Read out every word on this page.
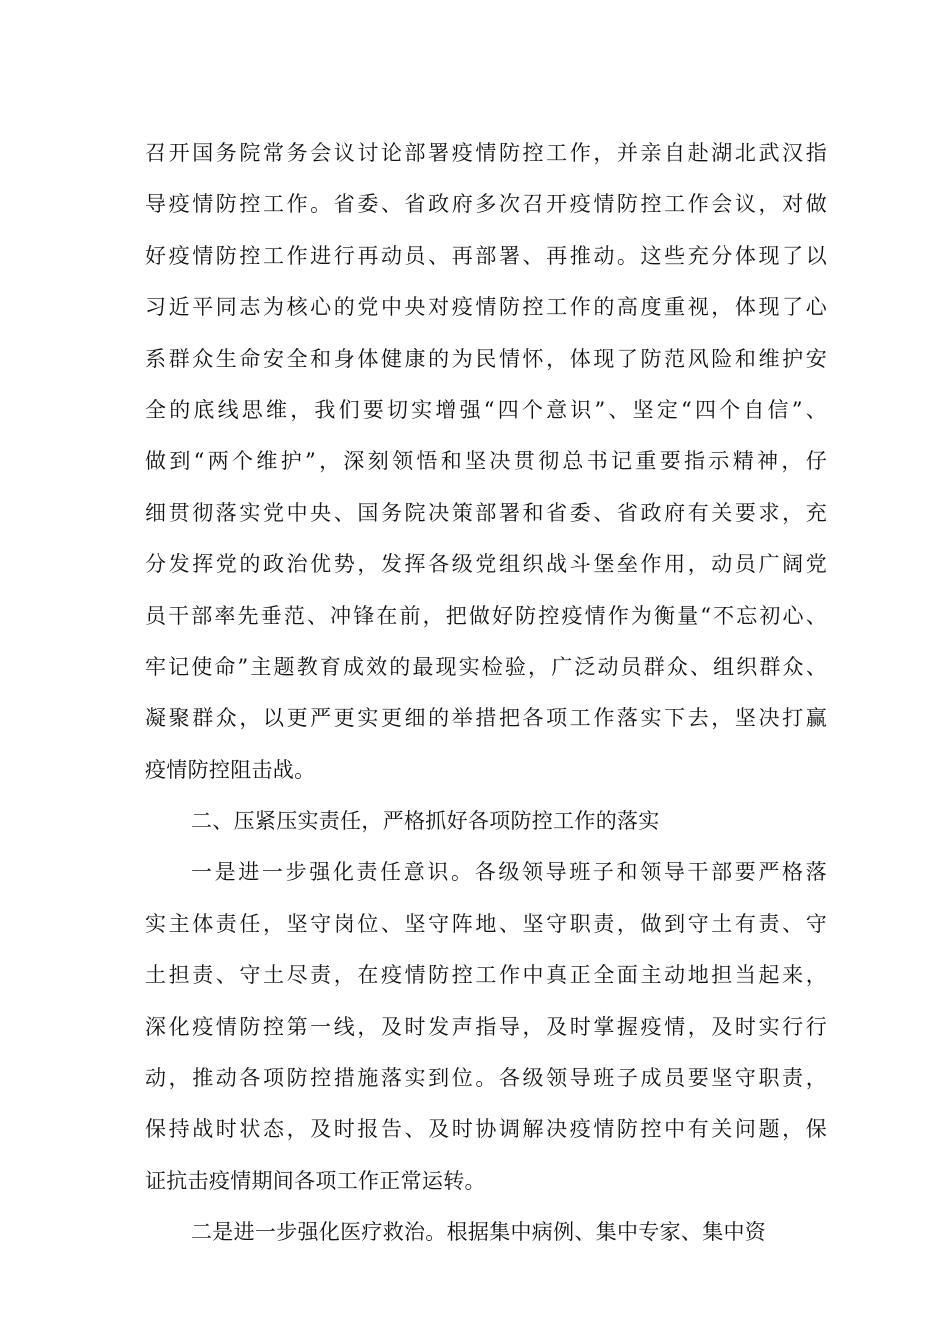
召开国务院常务会议讨论部署疫情防控工作，并亲自赴湖北武汉指
导疫情防控工作。省委、省政府多次召开疫情防控工作会议，对做
好疫情防控工作进行再动员、再部署、再推动。这些充分体现了以
习近平同志为核心的党中央对疫情防控工作的高度重视，体现了心
系群众生命安全和身体健康的为民情怀，体现了防范风险和维护安
全的底线思维，我们要切实增强“四个意识”、坚定“四个自信”、
做到“两个维护”，深刻领悟和坚决贯彻总书记重要指示精神，仔
细贯彻落实党中央、国务院决策部署和省委、省政府有关要求，充
分发挥党的政治优势，发挥各级党组织战斗堡垒作用，动员广阔党
员干部率先垂范、冲锋在前，把做好防控疫情作为衡量“不忘初心、
牢记使命”主题教育成效的最现实检验，广泛动员群众、组织群众、
凝聚群众，以更严更实更细的举措把各项工作落实下去，坚决打赢
疫情防控阻击战。
二、压紧压实责任，严格抓好各项防控工作的落实
一是进一步强化责任意识。各级领导班子和领导干部要严格落
实主体责任，坚守岗位、坚守阵地、坚守职责，做到守土有责、守
土担责、守土尽责，在疫情防控工作中真正全面主动地担当起来，
深化疫情防控第一线，及时发声指导，及时掌握疫情，及时实行行
动，推动各项防控措施落实到位。各级领导班子成员要坚守职责，
保持战时状态，及时报告、及时协调解决疫情防控中有关问题，保
证抗击疫情期间各项工作正常运转。
二是进一步强化医疗救治。根据集中病例、集中专家、集中资
